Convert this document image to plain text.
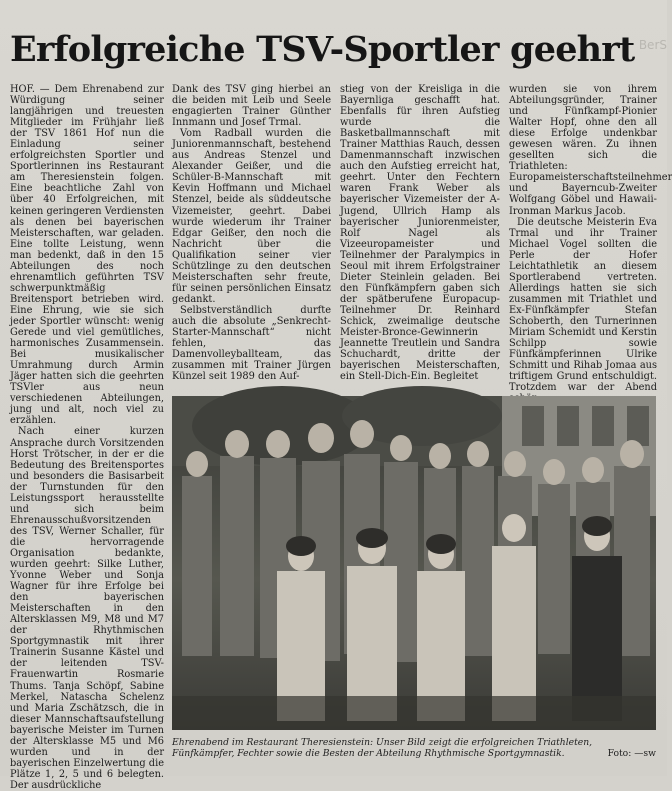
Erfolgreiche TSV-Sportler geehrt BerS

HOF. — Dem Ehrenabend zur Würdigung seiner langjährigen und treuesten Mitglieder im Frühjahr ließ der TSV 1861 Hof nun die Einladung seiner erfolgreichsten Sportler und Sportlerinnen ins Restaurant am Theresienstein folgen. Eine beachtliche Zahl von über 40 Erfolgreichen, mit keinen geringeren Verdiensten als denen bei bayerischen Meisterschaften, war geladen. Eine tollte Leistung, wenn man bedenkt, daß in den 15 Abteilungen des noch ehrenamtlich geführten TSV schwerpunktmäßig Breitensport betrieben wird. Eine Ehrung, wie sie sich jeder Sportler wünscht: wenig Gerede und viel gemütliches, harmonisches Zusammensein. Bei musikalischer Umrahmung durch Armin Jäger hatten sich die geehrten TSVler aus neun verschiedenen Abteilungen, jung und alt, noch viel zu erzählen.

Nach einer kurzen Ansprache durch Vorsitzenden Horst Trötscher, in der er die Bedeutung des Breitensportes und besonders die Basisarbeit der Turnstunden für den Leistungssport herausstellte und sich beim Ehrenausschußvorsitzenden des TSV, Werner Schaller, für die hervorragende Organisation bedankte, wurden geehrt: Silke Luther, Yvonne Weber und Sonja Wagner für ihre Erfolge bei den bayerischen Meisterschaften in den Altersklassen M9, M8 und M7 der Rhythmischen Sportgymnastik mit ihrer Trainerin Susanne Kästel und der leitenden TSV-Frauenwartin Rosmarie Thums. Tanja Schöpf, Sabine Merkel, Natascha Schelenz und Maria Zschätzsch, die in dieser Mannschaftsaufstellung bayerische Meister im Turnen der Altersklasse M5 und M6 wurden und in der bayerischen Einzelwertung die Plätze 1, 2, 5 und 6 belegten. Der ausdrückliche

Dank des TSV ging hierbei an die beiden mit Leib und Seele engagierten Trainer Günther Innmann und Josef Trmal.

Vom Radball wurden die Juniorenmannschaft, bestehend aus Andreas Stenzel und Alexander Geißer, und die Schüler-B-Mannschaft mit Kevin Hoffmann und Michael Stenzel, beide als süddeutsche Vizemeister, geehrt. Dabei wurde wiederum ihr Trainer Edgar Geißer, den noch die Nachricht über die Qualifikation seiner vier Schützlinge zu den deutschen Meisterschaften sehr freute, für seinen persönlichen Einsatz gedankt.

Selbstverständlich durfte auch die absolute „Senkrecht-Starter-Mannschaft“ nicht fehlen, das Damenvolleyballteam, das zusammen mit Trainer Jürgen Künzel seit 1989 den Auf-

stieg von der Kreisliga in die Bayernliga geschafft hat. Ebenfalls für ihren Aufstieg wurde die Basketballmannschaft mit Trainer Matthias Rauch, dessen Damenmannschaft inzwischen auch den Aufstieg erreicht hat, geehrt. Unter den Fechtern waren Frank Weber als bayerischer Vizemeister der A-Jugend, Ullrich Hamp als bayerischer Juniorenmeister, Rolf Nagel als Vizeeuropameister und Teilnehmer der Paralympics in Seoul mit ihrem Erfolgstrainer Dieter Steinlein geladen. Bei den Fünfkämpfern gaben sich der spätberufene Europacup-Teilnehmer Dr. Reinhard Schick, zweimalige deutsche Meister-Bronce-Gewinnerin Jeannette Treutlein und Sandra Schuchardt, dritte der bayerischen Meisterschaften, ein Stell-Dich-Ein. Begleitet

wurden sie von ihrem Abteilungsgründer, Trainer und Fünfkampf-Pionier Walter Hopf, ohne den all diese Erfolge undenkbar gewesen wären. Zu ihnen gesellten sich die Triathleten: Europameisterschaftsteilnehmer und Bayerncub-Zweiter Wolfgang Göbel und Hawaii-Ironman Markus Jacob.

Die deutsche Meisterin Eva Trmal und ihr Trainer Michael Vogel sollten die Perle der Hofer Leichtathletik an diesem Sportlerabend vertreten. Allerdings hatten sie sich zusammen mit Triathlet und Ex-Fünfkämpfer Stefan Schoberth, den Turnerinnen Miriam Schemidt und Kerstin Schilpp sowie Fünfkämpferinnen Ulrike Schmitt und Rihab Jomaa aus triftigem Grund entschuldigt. Trotzdem war der Abend

Ehrenabend im Restaurant Theresienstein: Unser Bild zeigt die erfolgreichen Triathleten, Fünfkämpfer, Fechter sowie die Besten der Abteilung Rhythmische Sportgymnastik.	Foto: —sw
